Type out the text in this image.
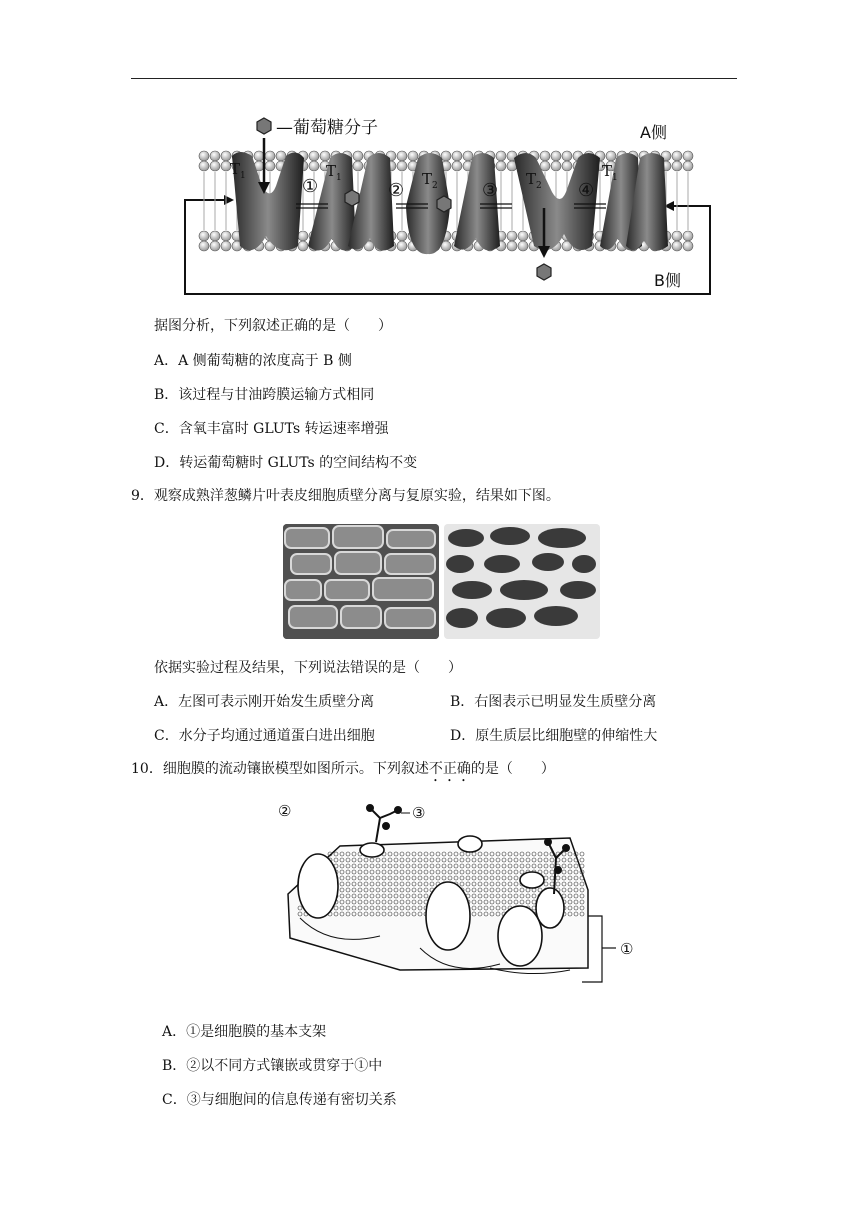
①	②	③	④
$T_1$	$T_1$	$T_2$	$T_2$
$T_1$
—葡萄糖分子	A侧
B侧
据图分析，下列叙述正确的是（　　）
A．A 侧葡萄糖的浓度高于 B 侧
B．该过程与甘油跨膜运输方式相同
C．含氧丰富时 GLUTs 转运速率增强
D．转运葡萄糖时 GLUTs 的空间结构不变
9．观察成熟洋葱鳞片叶表皮细胞质壁分离与复原实验，结果如下图。
依据实验过程及结果，下列说法错误的是（　　）
A．左图可表示刚开始发生质壁分离	B．右图表示已明显发生质壁分离
C．水分子均通过通道蛋白进出细胞	D．原生质层比细胞壁的伸缩性大
10．细胞膜的流动镶嵌模型如图所示。下列叙述不正确的是（　　）
②	③
①
A．①是细胞膜的基本支架
B．②以不同方式镶嵌或贯穿于①中
C．③与细胞间的信息传递有密切关系
